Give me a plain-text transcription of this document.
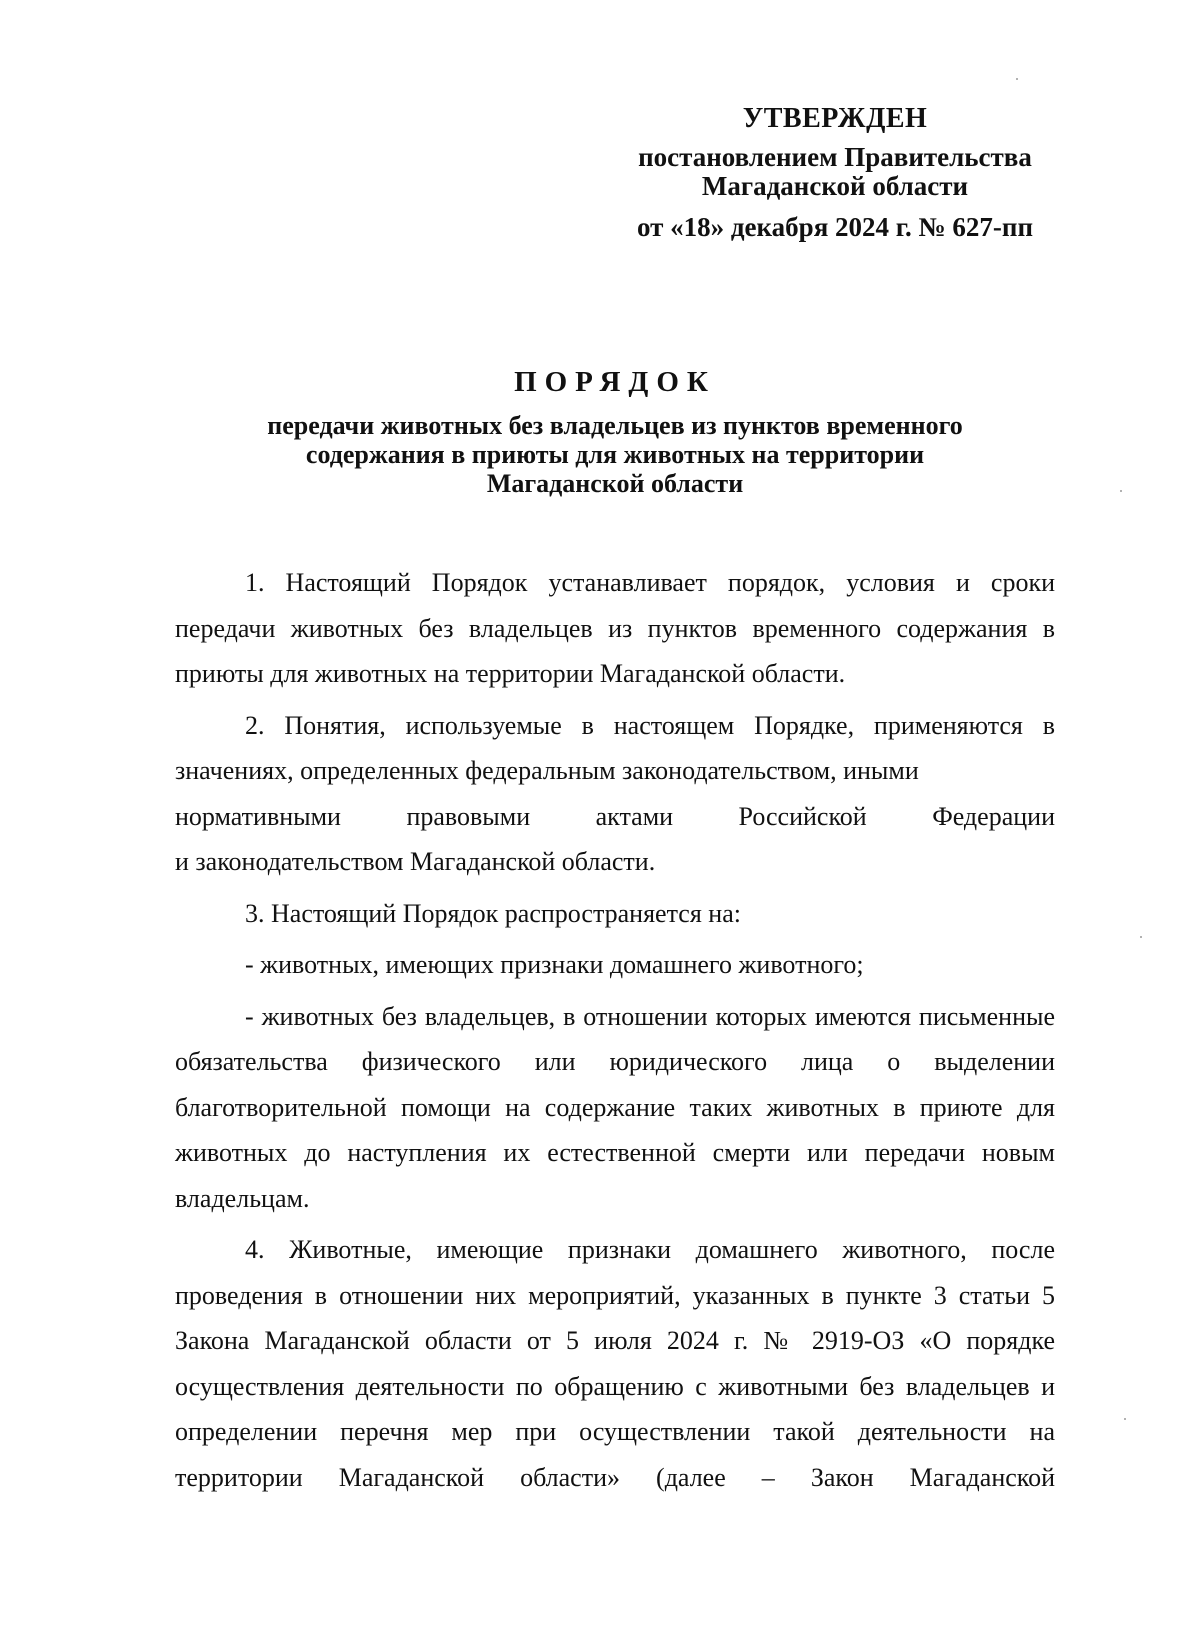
УТВЕРЖДЕН
постановлением Правительства
Магаданской области
от «18» декабря 2024 г. № 627-пп
ПОРЯДОК
передачи животных без владельцев из пунктов временного
содержания в приюты для животных на территории
Магаданской области

1. Настоящий Порядок устанавливает порядок, условия и сроки передачи животных без владельцев из пунктов временного содержания в приюты для животных на территории Магаданской области.

2. Понятия, используемые в настоящем Порядке, применяются в значениях, определенных федеральным законодательством, иными

нормативными правовыми актами Российской Федерации

и законодательством Магаданской области.

3. Настоящий Порядок распространяется на:

- животных, имеющих признаки домашнего животного;

- животных без владельцев, в отношении которых имеются письменные обязательства физического или юридического лица о выделении благотворительной помощи на содержание таких животных в приюте для животных до наступления их естественной смерти или передачи новым владельцам.

4. Животные, имеющие признаки домашнего животного, после проведения в отношении них мероприятий, указанных в пункте 3 статьи 5 Закона Магаданской области от 5 июля 2024 г. № 2919-ОЗ «О порядке осуществления деятельности по обращению с животными без владельцев и определении перечня мер при осуществлении такой деятельности на территории Магаданской области» (далее – Закон Магаданской
